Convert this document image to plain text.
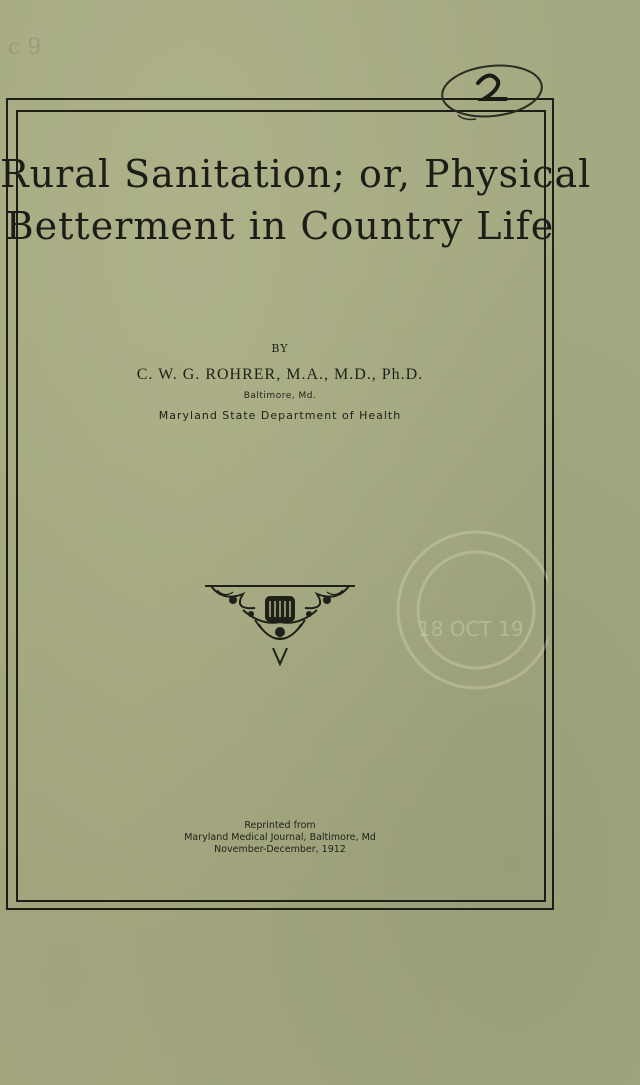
c 9
Rural Sanitation; or, Physical
Betterment in Country Life
BY
C. W. G. ROHRER, M.A., M.D., Ph.D.
Baltimore, Md.
Maryland State Department of Health
18 OCT 19
Reprinted from
Maryland Medical Journal, Baltimore, Md
November-December, 1912
